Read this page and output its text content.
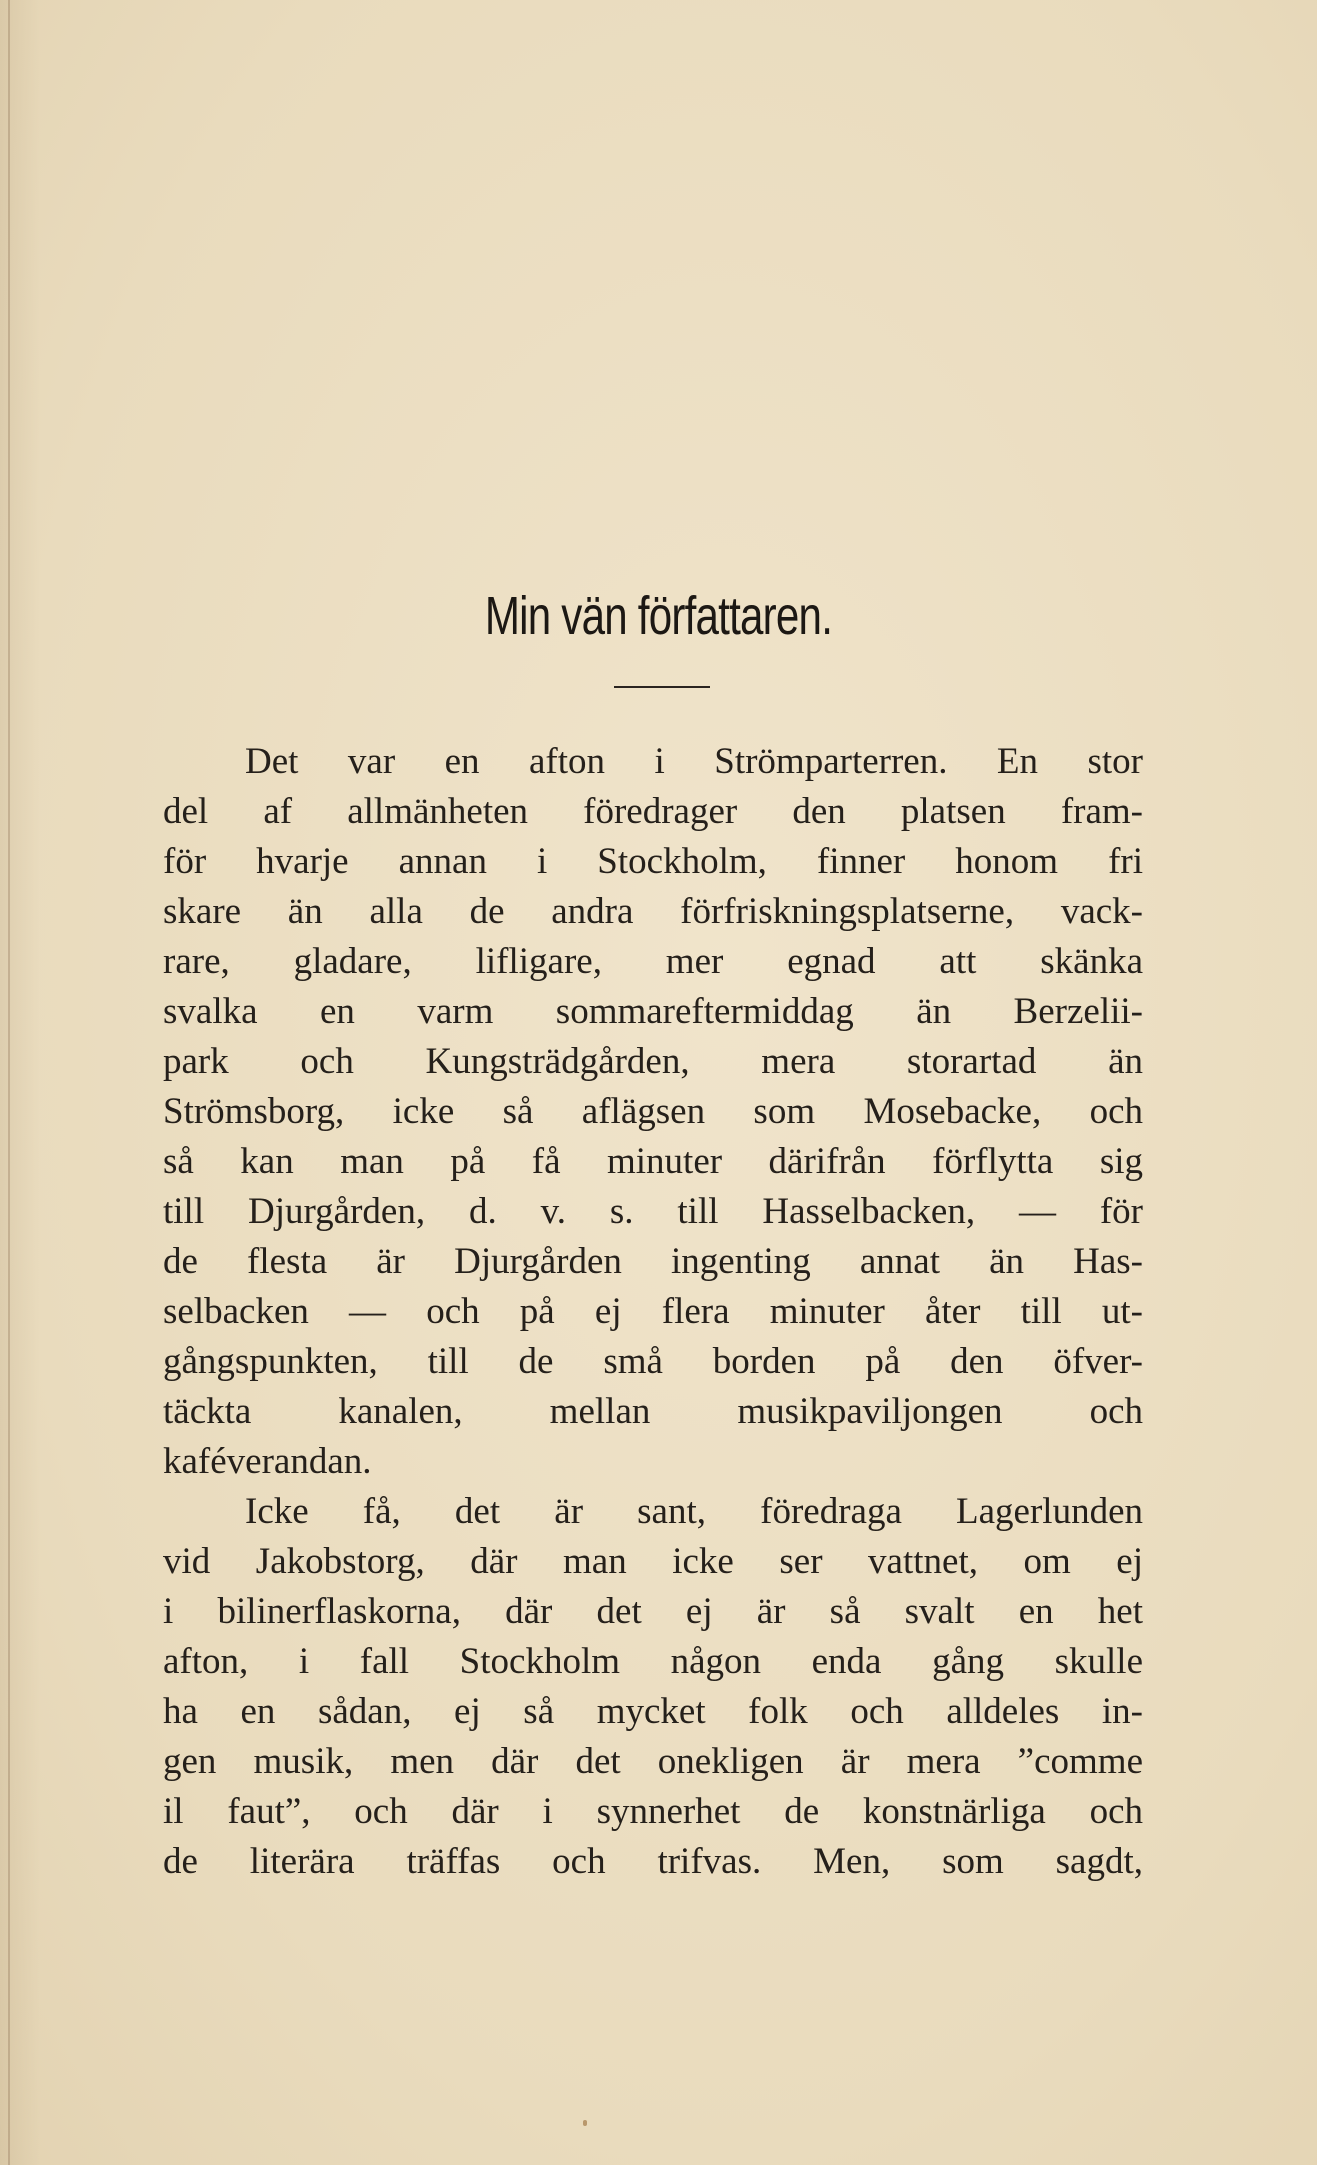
Min vän författaren.
Det var en afton i Strömparterren. En stor
del af allmänheten föredrager den platsen fram-
för hvarje annan i Stockholm, finner honom fri
skare än alla de andra förfriskningsplatserne, vack-
rare, gladare, lifligare, mer egnad att skänka
svalka en varm sommareftermiddag än Berzelii-
park och Kungsträdgården, mera storartad än
Strömsborg, icke så aflägsen som Mosebacke, och
så kan man på få minuter därifrån förflytta sig
till Djurgården, d. v. s. till Hasselbacken, — för
de flesta är Djurgården ingenting annat än Has-
selbacken — och på ej flera minuter åter till ut-
gångspunkten, till de små borden på den öfver-
täckta kanalen, mellan musikpaviljongen och
kaféverandan.
Icke få, det är sant, föredraga Lagerlunden
vid Jakobstorg, där man icke ser vattnet, om ej
i bilinerflaskorna, där det ej är så svalt en het
afton, i fall Stockholm någon enda gång skulle
ha en sådan, ej så mycket folk och alldeles in-
gen musik, men där det onekligen är mera ”comme
il faut”, och där i synnerhet de konstnärliga och
de literära träffas och trifvas. Men, som sagdt,
